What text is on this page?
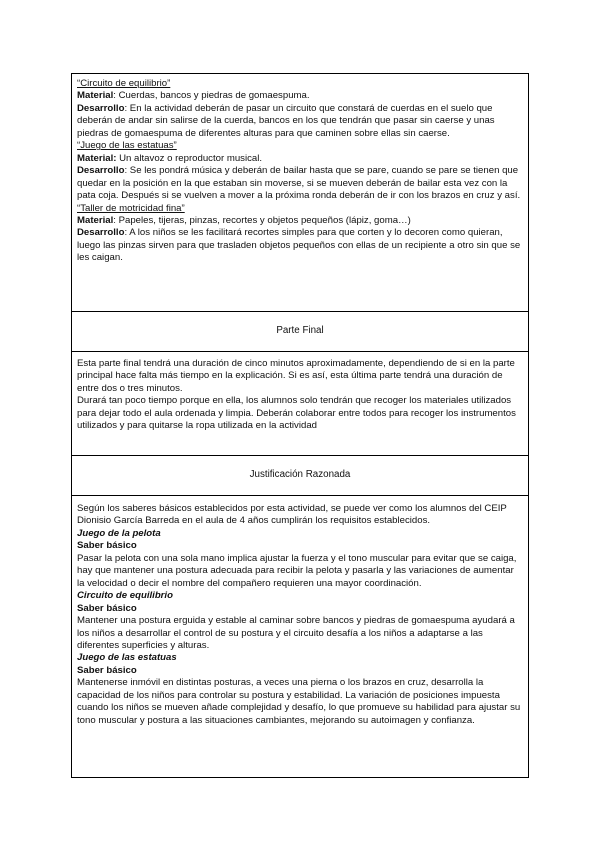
“Circuito de equilibrio”

Material: Cuerdas, bancos y piedras de gomaespuma.

Desarrollo: En la actividad deberán de pasar un circuito que constará de cuerdas en el suelo que deberán de andar sin salirse de la cuerda, bancos en los que tendrán que pasar sin caerse y unas piedras de gomaespuma de diferentes alturas para que caminen sobre ellas sin caerse.

“Juego de las estatuas”

Material: Un altavoz o reproductor musical.

Desarrollo: Se les pondrá música y deberán de bailar hasta que se pare, cuando se pare se tienen que quedar en la posición en la que estaban sin moverse, si se mueven deberán de bailar esta vez con la pata coja. Después si se vuelven a mover a la próxima ronda deberán de ir con los brazos en cruz y así.

“Taller de motricidad fina”

Material: Papeles, tijeras, pinzas, recortes y objetos pequeños (lápiz, goma…)

Desarrollo: A los niños se les facilitará recortes simples para que corten y lo decoren como quieran, luego las pinzas sirven para que trasladen objetos pequeños con ellas de un recipiente a otro sin que se les caigan.

Parte Final

Esta parte final tendrá una duración de cinco minutos aproximadamente, dependiendo de si en la parte principal hace falta más tiempo en la explicación. Si es así, esta última parte tendrá una duración de entre dos o tres minutos.

Durará tan poco tiempo porque en ella, los alumnos solo tendrán que recoger los materiales utilizados para dejar todo el aula ordenada y limpia. Deberán colaborar entre todos para recoger los instrumentos utilizados y para quitarse la ropa utilizada en la actividad

Justificación Razonada

Según los saberes básicos establecidos por esta actividad, se puede ver como los alumnos del CEIP Dionisio García Barreda en el aula de 4 años cumplirán los requisitos establecidos.

Juego de la pelota

Saber básico

Pasar la pelota con una sola mano implica ajustar la fuerza y el tono muscular para evitar que se caiga, hay que mantener una postura adecuada para recibir la pelota y pasarla y las variaciones de aumentar la velocidad o decir el nombre del compañero requieren una mayor coordinación.

Circuito de equilibrio

Saber básico

Mantener una postura erguida y estable al caminar sobre bancos y piedras de gomaespuma ayudará a los niños a desarrollar el control de su postura y el circuito desafía a los niños a adaptarse a las diferentes superficies y alturas.

Juego de las estatuas

Saber básico

Mantenerse inmóvil en distintas posturas, a veces una pierna o los brazos en cruz, desarrolla la capacidad de los niños para controlar su postura y estabilidad. La variación de posiciones impuesta cuando los niños se mueven añade complejidad y desafío, lo que promueve su habilidad para ajustar su tono muscular y postura a las situaciones cambiantes, mejorando su autoimagen y confianza.
